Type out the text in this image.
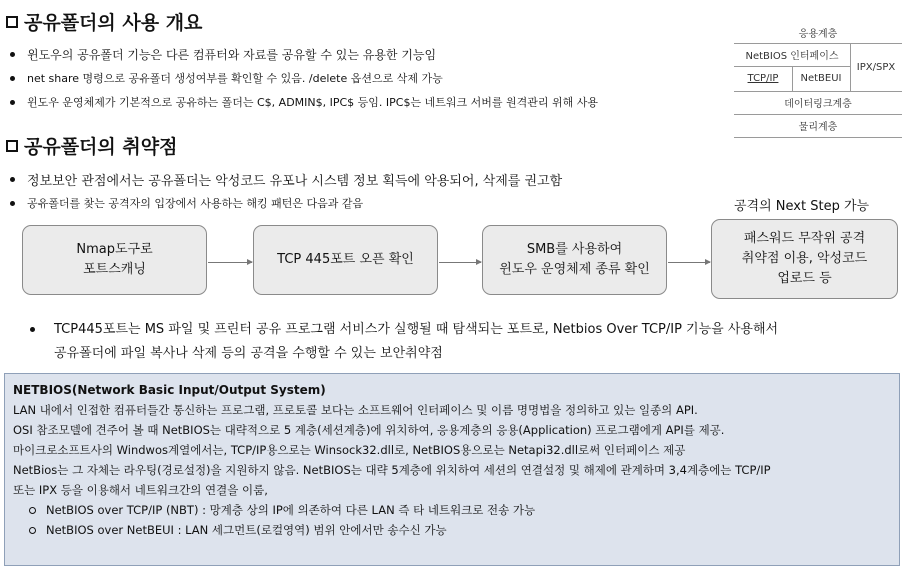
공유폴더의 사용 개요
윈도우의 공유폴더 기능은 다른 컴퓨터와 자료를 공유할 수 있는 유용한 기능임
net share 명령으로 공유폴더 생성여부를 확인할 수 있음. /delete 옵션으로 삭제 가능
윈도우 운영체제가 기본적으로 공유하는 폴더는 C$, ADMIN$, IPC$ 등임. IPC$는 네트워크 서버를 원격관리 위해 사용
공유폴더의 취약점
정보보안 관점에서는 공유폴더는 악성코드 유포나 시스템 정보 획득에 악용되어, 삭제를 권고함
공유폴더를 찾는 공격자의 입장에서 사용하는 해킹 패턴은 다음과 같음
응용계층
NetBIOS 인터페이스
TCP/IP	NetBEUI
IPX/SPX
데이터링크계층
물리계층
공격의 Next Step 가능
Nmap도구로
포트스캐닝
TCP 445포트 오픈 확인
SMB를 사용하여
윈도우 운영체제 종류 확인
패스워드 무작위 공격
취약점 이용, 악성코드
업로드 등
TCP445포트는 MS 파일 및 프린터 공유 프로그램 서비스가 실행될 때 탐색되는 포트로, Netbios Over TCP/IP 기능을 사용해서
공유폴더에 파일 복사나 삭제 등의 공격을 수행할 수 있는 보안취약점
NETBIOS(Network Basic Input/Output System)
LAN 내에서 인접한 컴퓨터들간 통신하는 프로그램, 프로토콜 보다는 소프트웨어 인터페이스 및 이름 명명법을 정의하고 있는 일종의 API.
OSI 참조모델에 견주어 볼 때 NetBIOS는 대략적으로 5 계층(세션계층)에 위치하여, 응용계층의 응용(Application) 프로그램에게 API를 제공.
마이크로소프트사의 Windwos계열에서는, TCP/IP용으로는 Winsock32.dll로, NetBIOS용으로는 Netapi32.dll로써 인터페이스 제공
NetBios는 그 자체는 라우팅(경로설정)을 지원하지 않음. NetBIOS는 대략 5계층에 위치하여 세션의 연결설정 및 해제에 관계하며 3,4계층에는 TCP/IP
또는 IPX 등을 이용해서 네트워크간의 연결을 이룸,
NetBIOS over TCP/IP (NBT) : 망계층 상의 IP에 의존하여 다른 LAN 즉 타 네트워크로 전송 가능
NetBIOS over NetBEUI : LAN 세그먼트(로컬영역) 범위 안에서만 송수신 가능
